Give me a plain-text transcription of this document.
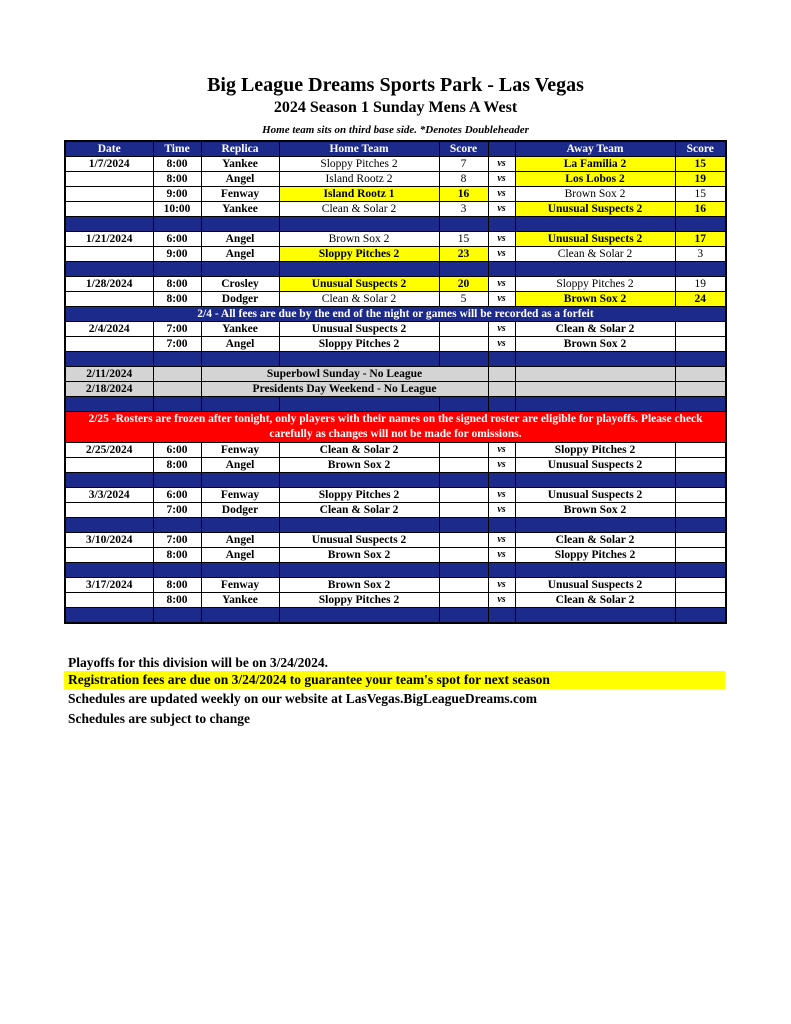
Big League Dreams Sports Park - Las Vegas
2024 Season 1 Sunday Mens A West
Home team sits on third base side. *Denotes Doubleheader
Date	Time	Replica	Home Team	Score		Away Team	Score
1/7/2024	8:00	Yankee	Sloppy Pitches 2	7	vs	La Familia 2	15
	8:00	Angel	Island Rootz 2	8	vs	Los Lobos 2	19
	9:00	Fenway	Island Rootz 1	16	vs	Brown Sox 2	15
	10:00	Yankee	Clean & Solar 2	3	vs	Unusual Suspects 2	16

1/21/2024	6:00	Angel	Brown Sox 2	15	vs	Unusual Suspects 2	17
	9:00	Angel	Sloppy Pitches 2	23	vs	Clean & Solar 2	3

1/28/2024	8:00	Crosley	Unusual Suspects 2	20	vs	Sloppy Pitches 2	19
	8:00	Dodger	Clean & Solar 2	5	vs	Brown Sox 2	24
2/4 - All fees are due by the end of the night or games will be recorded as a forfeit							
2/4/2024	7:00	Yankee	Unusual Suspects 2		vs	Clean & Solar 2	
	7:00	Angel	Sloppy Pitches 2		vs	Brown Sox 2	

2/11/2024		Superbowl Sunday - No League					
2/18/2024		Presidents Day Weekend - No League					

2/25 -Rosters are frozen after tonight, only players with their names on the signed roster are eligible for playoffs. Please check carefully as changes will not be made for omissions.							
2/25/2024	6:00	Fenway	Clean & Solar 2		vs	Sloppy Pitches 2	
	8:00	Angel	Brown Sox 2		vs	Unusual Suspects 2	

3/3/2024	6:00	Fenway	Sloppy Pitches 2		vs	Unusual Suspects 2	
	7:00	Dodger	Clean & Solar 2		vs	Brown Sox 2	

3/10/2024	7:00	Angel	Unusual Suspects 2		vs	Clean & Solar 2	
	8:00	Angel	Brown Sox 2		vs	Sloppy Pitches 2	

3/17/2024	8:00	Fenway	Brown Sox 2		vs	Unusual Suspects 2	
	8:00	Yankee	Sloppy Pitches 2		vs	Clean & Solar 2	

Playoffs for this division will be on 3/24/2024.
Registration fees are due on 3/24/2024 to guarantee your team's spot for next season
Schedules are updated weekly on our website at LasVegas.BigLeagueDreams.com
Schedules are subject to change
